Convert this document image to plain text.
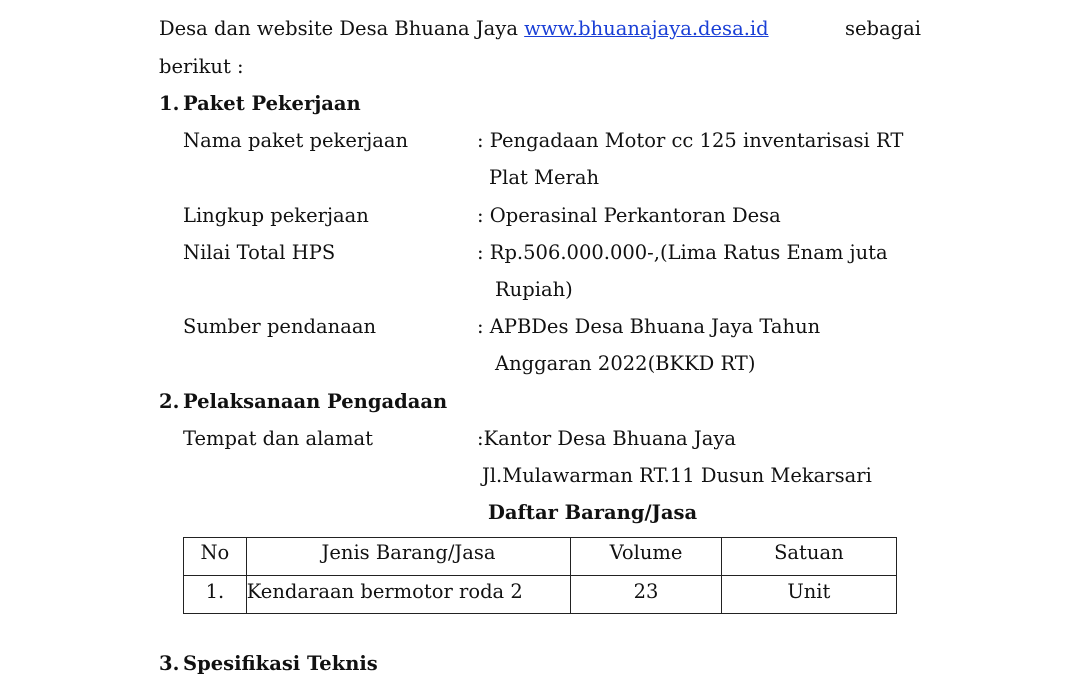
Desa dan website Desa Bhuana Jaya www.bhuanajaya.desa.id	sebagai
berikut :
1. Paket Pekerjaan
Nama paket pekerjaan	: Pengadaan Motor cc 125 inventarisasi RT
Plat Merah
Lingkup pekerjaan	: Operasinal Perkantoran Desa
Nilai Total HPS	: Rp.506.000.000-,(Lima Ratus Enam juta
Rupiah)
Sumber pendanaan	: APBDes Desa Bhuana Jaya Tahun
Anggaran 2022(BKKD RT)
2. Pelaksanaan Pengadaan
Tempat dan alamat	:Kantor Desa Bhuana Jaya
Jl.Mulawarman RT.11 Dusun Mekarsari
Daftar Barang/Jasa
No	Jenis Barang/Jasa	Volume	Satuan
1.	Kendaraan bermotor roda 2	23	Unit
3. Spesifikasi Teknis
